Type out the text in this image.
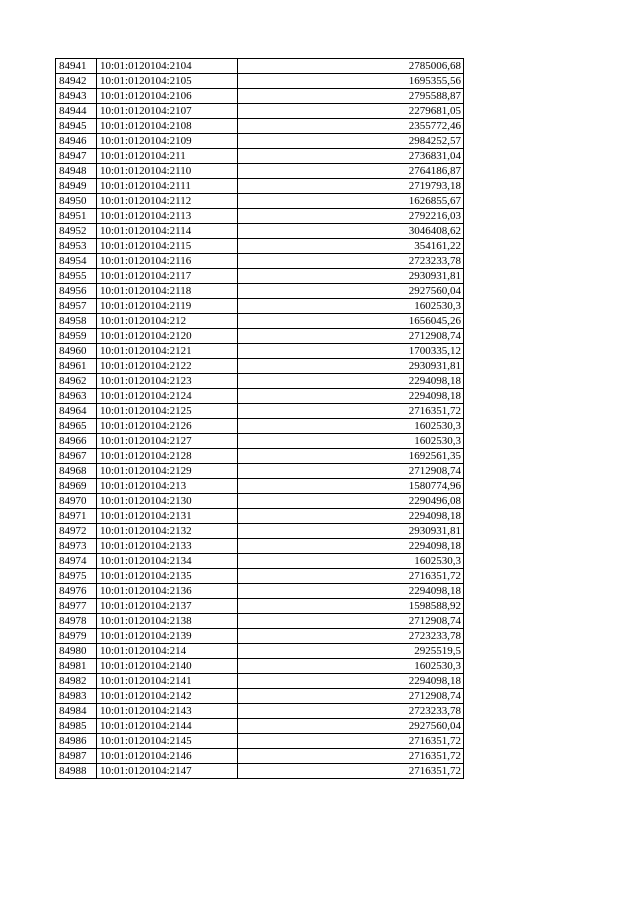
84941	10:01:0120104:2104	2785006,68
84942	10:01:0120104:2105	1695355,56
84943	10:01:0120104:2106	2795588,87
84944	10:01:0120104:2107	2279681,05
84945	10:01:0120104:2108	2355772,46
84946	10:01:0120104:2109	2984252,57
84947	10:01:0120104:211	2736831,04
84948	10:01:0120104:2110	2764186,87
84949	10:01:0120104:2111	2719793,18
84950	10:01:0120104:2112	1626855,67
84951	10:01:0120104:2113	2792216,03
84952	10:01:0120104:2114	3046408,62
84953	10:01:0120104:2115	354161,22
84954	10:01:0120104:2116	2723233,78
84955	10:01:0120104:2117	2930931,81
84956	10:01:0120104:2118	2927560,04
84957	10:01:0120104:2119	1602530,3
84958	10:01:0120104:212	1656045,26
84959	10:01:0120104:2120	2712908,74
84960	10:01:0120104:2121	1700335,12
84961	10:01:0120104:2122	2930931,81
84962	10:01:0120104:2123	2294098,18
84963	10:01:0120104:2124	2294098,18
84964	10:01:0120104:2125	2716351,72
84965	10:01:0120104:2126	1602530,3
84966	10:01:0120104:2127	1602530,3
84967	10:01:0120104:2128	1692561,35
84968	10:01:0120104:2129	2712908,74
84969	10:01:0120104:213	1580774,96
84970	10:01:0120104:2130	2290496,08
84971	10:01:0120104:2131	2294098,18
84972	10:01:0120104:2132	2930931,81
84973	10:01:0120104:2133	2294098,18
84974	10:01:0120104:2134	1602530,3
84975	10:01:0120104:2135	2716351,72
84976	10:01:0120104:2136	2294098,18
84977	10:01:0120104:2137	1598588,92
84978	10:01:0120104:2138	2712908,74
84979	10:01:0120104:2139	2723233,78
84980	10:01:0120104:214	2925519,5
84981	10:01:0120104:2140	1602530,3
84982	10:01:0120104:2141	2294098,18
84983	10:01:0120104:2142	2712908,74
84984	10:01:0120104:2143	2723233,78
84985	10:01:0120104:2144	2927560,04
84986	10:01:0120104:2145	2716351,72
84987	10:01:0120104:2146	2716351,72
84988	10:01:0120104:2147	2716351,72
